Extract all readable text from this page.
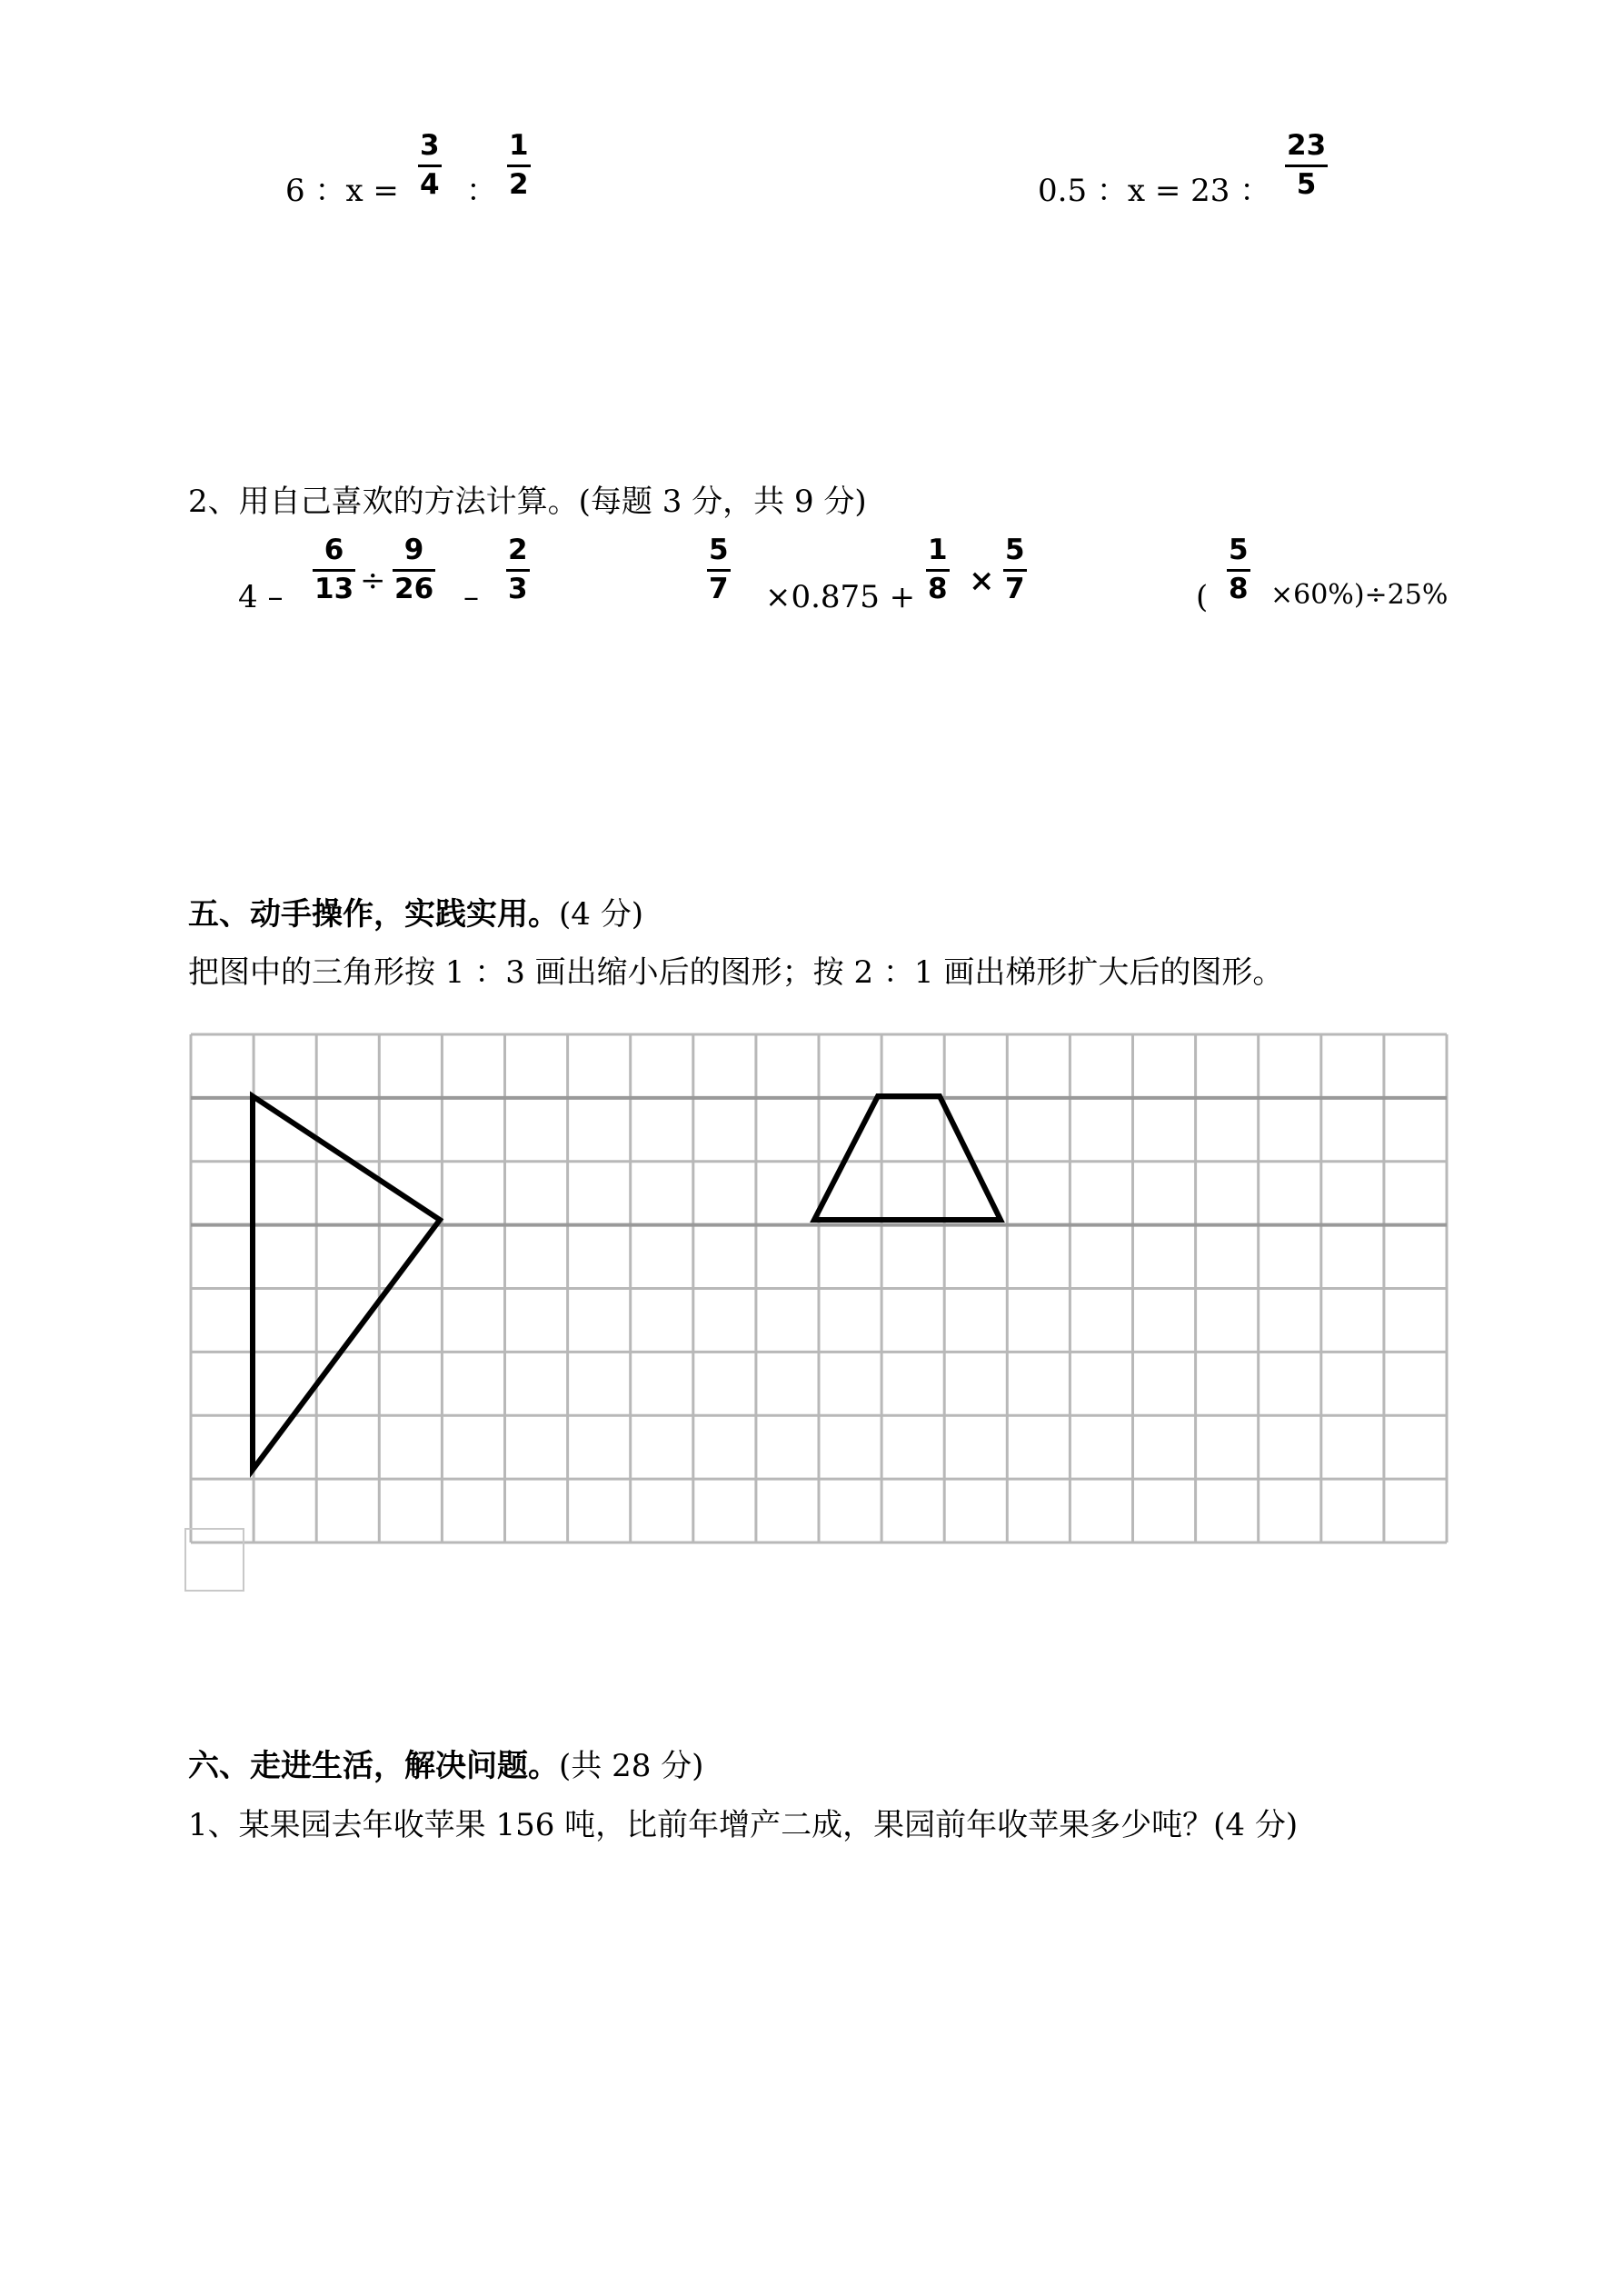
6 ：x =
3
4 ：
1
2	0.5 ：x = 23 ：
23
5
2、用自己喜欢的方法计算。(每题 3 分，共 9 分)
4 –
6
13 ÷
9
26 –
2
3
5
7 ×0.875 +
1
8 ×
5
7	(
5
8 ×60%)÷25%
五、动手操作，实践实用。(4 分)
把图中的三角形按 1 ：3 画出缩小后的图形；按 2 ：1 画出梯形扩大后的图形。
六、走进生活，解决问题。(共 28 分)
1、某果园去年收苹果 156 吨，比前年增产二成，果园前年收苹果多少吨？(4 分)
